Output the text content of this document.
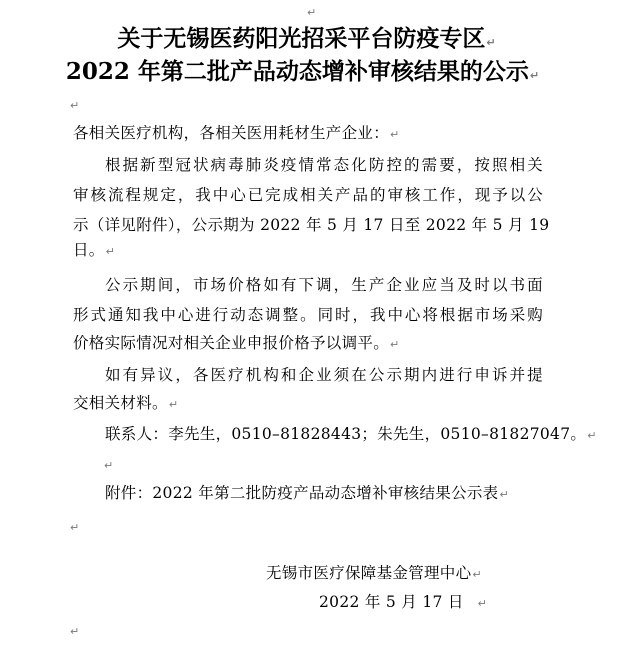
关于无锡医药阳光招采平台防疫专区↵
2022 年第二批产品动态增补审核结果的公示↵
↵
↵
各相关医疗机构，各相关医用耗材生产企业：↵
根据新型冠状病毒肺炎疫情常态化防控的需要，按照相关
审核流程规定，我中心已完成相关产品的审核工作，现予以公
示（详见附件），公示期为 2022 年 5 月 17 日至 2022 年 5 月 19
日。↵
公示期间，市场价格如有下调，生产企业应当及时以书面
形式通知我中心进行动态调整。同时，我中心将根据市场采购
价格实际情况对相关企业申报价格予以调平。↵
如有异议，各医疗机构和企业须在公示期内进行申诉并提
交相关材料。↵
联系人：李先生，0510–81828443；朱先生，0510–81827047。↵
↵
附件：2022 年第二批防疫产品动态增补审核结果公示表↵
↵
无锡市医疗保障基金管理中心↵
2022 年 5 月 17 日 ↵
↵
